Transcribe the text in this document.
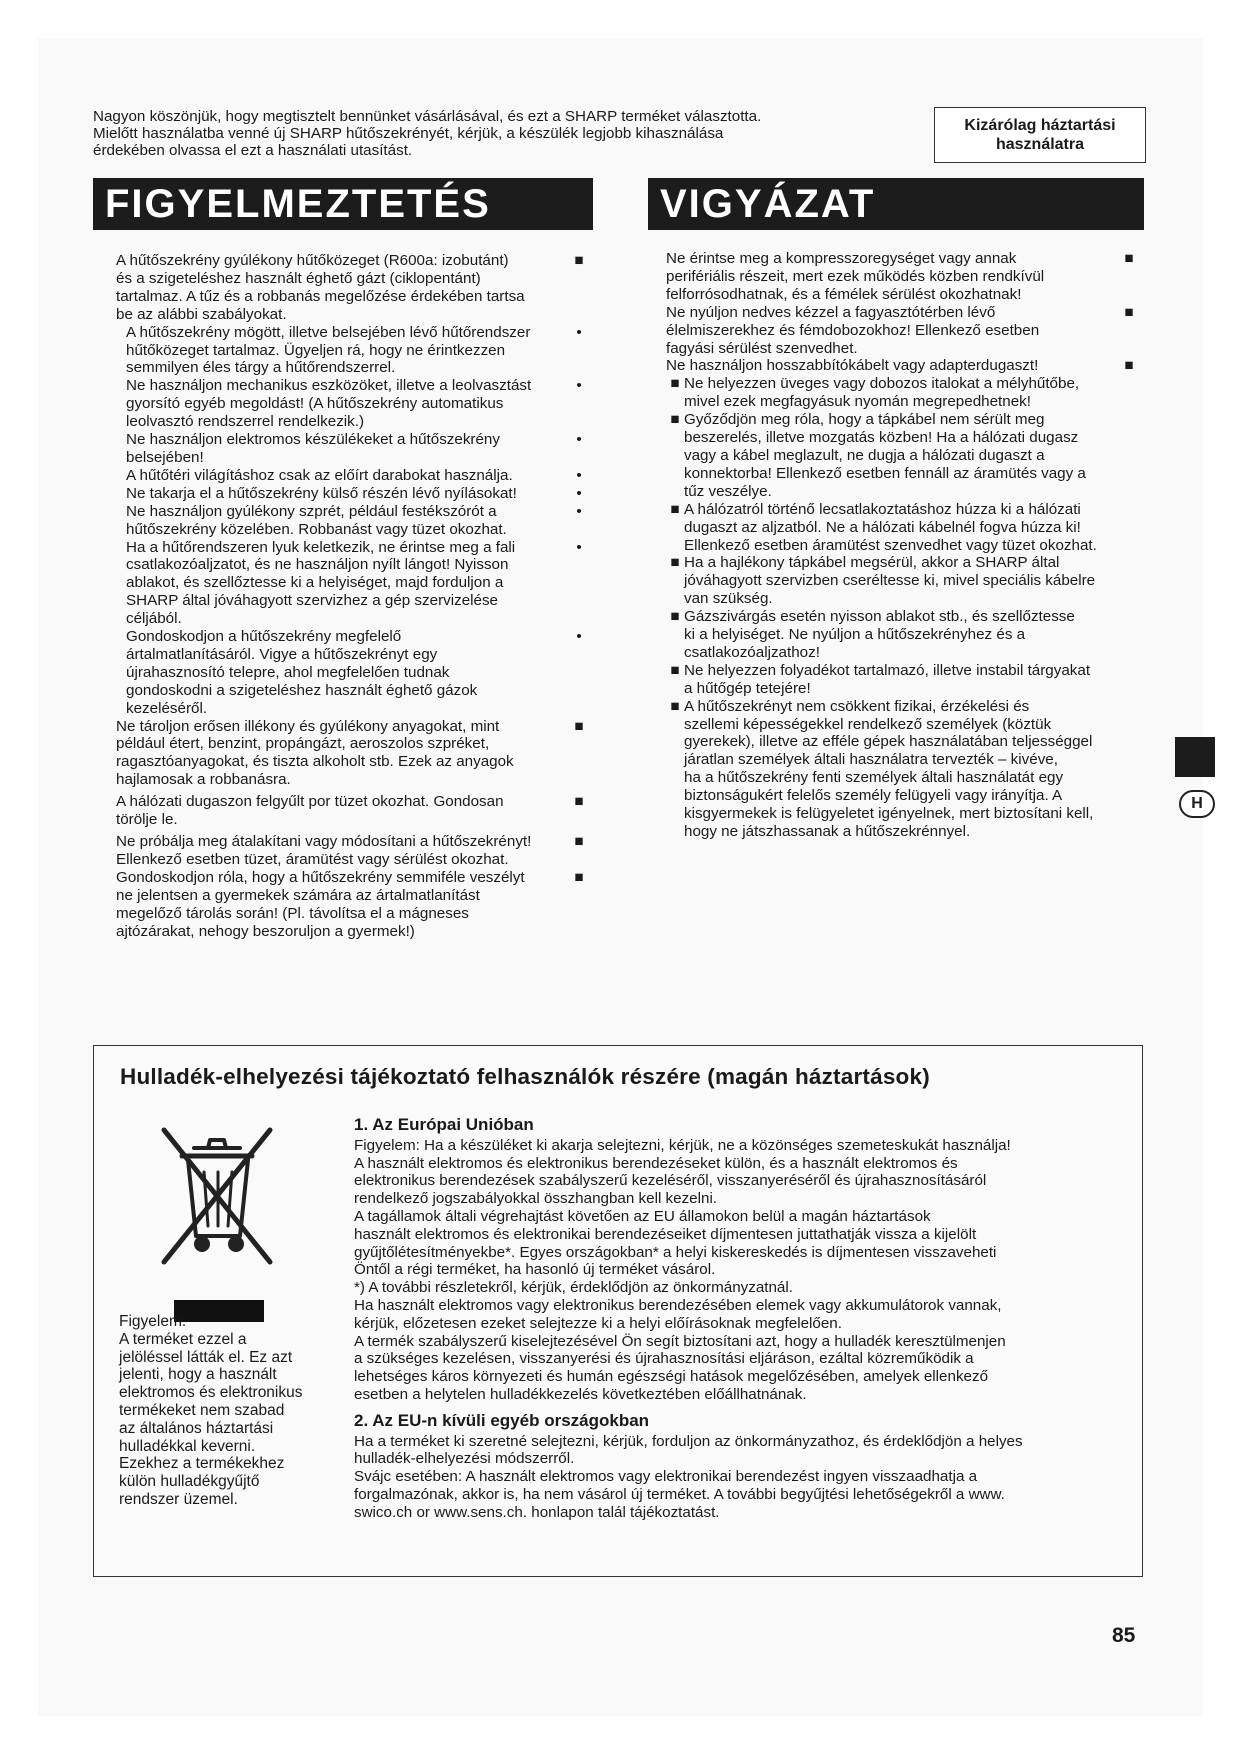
Nagyon köszönjük, hogy megtisztelt bennünket vásárlásával, és ezt a SHARP terméket választotta.

Mielőtt használatba venné új SHARP hűtőszekrényét, kérjük, a készülék legjobb kihasználása

érdekében olvassa el ezt a használati utasítást.

Kizárólag háztartási
használatra
FIGYELMEZTETÉS	VIGYÁZAT
■

A hűtőszekrény gyúlékony hűtőközeget (R600a: izobutánt)

és a szigeteléshez használt éghető gázt (ciklopentánt)

tartalmaz. A tűz és a robbanás megelőzése érdekében tartsa

be az alábbi szabályokat.

•

A hűtőszekrény mögött, illetve belsejében lévő hűtőrendszer

hűtőközeget tartalmaz. Ügyeljen rá, hogy ne érintkezzen

semmilyen éles tárgy a hűtőrendszerrel.

•

Ne használjon mechanikus eszközöket, illetve a leolvasztást

gyorsító egyéb megoldást! (A hűtőszekrény automatikus

leolvasztó rendszerrel rendelkezik.)

•

Ne használjon elektromos készülékeket a hűtőszekrény

belsejében!

•

A hűtőtéri világításhoz csak az előírt darabokat használja.

•

Ne takarja el a hűtőszekrény külső részén lévő nyílásokat!

•

Ne használjon gyúlékony szprét, például festékszórót a

hűtőszekrény közelében. Robbanást vagy tüzet okozhat.

•

Ha a hűtőrendszeren lyuk keletkezik, ne érintse meg a fali

csatlakozóaljzatot, és ne használjon nyílt lángot! Nyisson

ablakot, és szellőztesse ki a helyiséget, majd forduljon a

SHARP által jóváhagyott szervizhez a gép szervizelése

céljából.

•

Gondoskodjon a hűtőszekrény megfelelő

ártalmatlanításáról. Vigye a hűtőszekrényt egy

újrahasznosító telepre, ahol megfelelően tudnak

gondoskodni a szigeteléshez használt éghető gázok

kezeléséről.

■

Ne tároljon erősen illékony és gyúlékony anyagokat, mint

például étert, benzint, propángázt, aeroszolos szpréket,

ragasztóanyagokat, és tiszta alkoholt stb. Ezek az anyagok

hajlamosak a robbanásra.

■

A hálózati dugaszon felgyűlt por tüzet okozhat. Gondosan

törölje le.

■

Ne próbálja meg átalakítani vagy módosítani a hűtőszekrényt!

Ellenkező esetben tüzet, áramütést vagy sérülést okozhat.

■

Gondoskodjon róla, hogy a hűtőszekrény semmiféle veszélyt

ne jelentsen a gyermekek számára az ártalmatlanítást

megelőző tárolás során! (Pl. távolítsa el a mágneses

ajtózárakat, nehogy beszoruljon a gyermek!)

■

Ne érintse meg a kompresszoregységet vagy annak

perifériális részeit, mert ezek működés közben rendkívül

felforrósodhatnak, és a fémélek sérülést okozhatnak!

■

Ne nyúljon nedves kézzel a fagyasztótérben lévő

élelmiszerekhez és fémdobozokhoz! Ellenkező esetben

fagyási sérülést szenvedhet.

■

Ne használjon hosszabbítókábelt vagy adapterdugaszt!

■ Ne helyezzen üveges vagy dobozos italokat a mélyhűtőbe,

mivel ezek megfagyásuk nyomán megrepedhetnek!

■ Győződjön meg róla, hogy a tápkábel nem sérült meg

beszerelés, illetve mozgatás közben! Ha a hálózati dugasz

vagy a kábel meglazult, ne dugja a hálózati dugaszt a

konnektorba! Ellenkező esetben fennáll az áramütés vagy a

tűz veszélye.

■ A hálózatról történő lecsatlakoztatáshoz húzza ki a hálózati

dugaszt az aljzatból. Ne a hálózati kábelnél fogva húzza ki!

Ellenkező esetben áramütést szenvedhet vagy tüzet okozhat.

■ Ha a hajlékony tápkábel megsérül, akkor a SHARP által

jóváhagyott szervizben cseréltesse ki, mivel speciális kábelre

van szükség.

■ Gázszivárgás esetén nyisson ablakot stb., és szellőztesse

ki a helyiséget. Ne nyúljon a hűtőszekrényhez és a

csatlakozóaljzathoz!

■ Ne helyezzen folyadékot tartalmazó, illetve instabil tárgyakat

a hűtőgép tetejére!

■ A hűtőszekrényt nem csökkent fizikai, érzékelési és

szellemi képességekkel rendelkező személyek (köztük

gyerekek), illetve az efféle gépek használatában teljességgel

járatlan személyek általi használatra tervezték – kivéve,

ha a hűtőszekrény fenti személyek általi használatát egy

biztonságukért felelős személy felügyeli vagy irányítja. A

kisgyermekek is felügyeletet igényelnek, mert biztosítani kell,

hogy ne játszhassanak a hűtőszekrénnyel.

H
Hulladék-elhelyezési tájékoztató felhasználók részére (magán háztartások)

Figyelem:

A terméket ezzel a

jelöléssel látták el. Ez azt

jelenti, hogy a használt

elektromos és elektronikus

termékeket nem szabad

az általános háztartási

hulladékkal keverni.

Ezekhez a termékekhez

külön hulladékgyűjtő

rendszer üzemel.

1. Az Európai Unióban

Figyelem: Ha a készüléket ki akarja selejtezni, kérjük, ne a közönséges szemeteskukát használja!

A használt elektromos és elektronikus berendezéseket külön, és a használt elektromos és

elektronikus berendezések szabályszerű kezeléséről, visszanyeréséről és újrahasznosításáról

rendelkező jogszabályokkal összhangban kell kezelni.

A tagállamok általi végrehajtást követően az EU államokon belül a magán háztartások

használt elektromos és elektronikai berendezéseiket díjmentesen juttathatják vissza a kijelölt

gyűjtőlétesítményekbe*. Egyes országokban* a helyi kiskereskedés is díjmentesen visszaveheti

Öntől a régi terméket, ha hasonló új terméket vásárol.

*) A további részletekről, kérjük, érdeklődjön az önkormányzatnál.

Ha használt elektromos vagy elektronikus berendezésében elemek vagy akkumulátorok vannak,

kérjük, előzetesen ezeket selejtezze ki a helyi előírásoknak megfelelően.

A termék szabályszerű kiselejtezésével Ön segít biztosítani azt, hogy a hulladék keresztülmenjen

a szükséges kezelésen, visszanyerési és újrahasznosítási eljáráson, ezáltal közreműködik a

lehetséges káros környezeti és humán egészségi hatások megelőzésében, amelyek ellenkező

esetben a helytelen hulladékkezelés következtében előállhatnának.

2. Az EU-n kívüli egyéb országokban

Ha a terméket ki szeretné selejtezni, kérjük, forduljon az önkormányzathoz, és érdeklődjön a helyes

hulladék-elhelyezési módszerről.

Svájc esetében: A használt elektromos vagy elektronikai berendezést ingyen visszaadhatja a

forgalmazónak, akkor is, ha nem vásárol új terméket. A további begyűjtési lehetőségekről a www.

swico.ch or www.sens.ch. honlapon talál tájékoztatást.

85
